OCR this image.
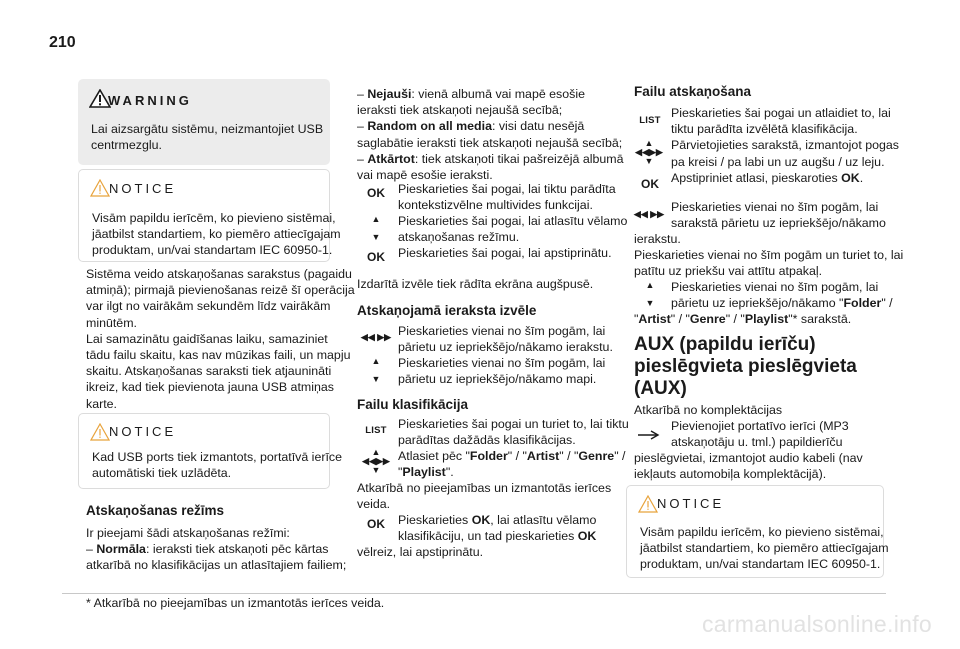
210
WARNING
Lai aizsargātu sistēmu, neizmantojiet USB
centrmezglu.
NOTICE
Visām papildu ierīcēm, ko pievieno sistēmai,
jāatbilst standartiem, ko piemēro attiecīgajam
produktam, un/vai standartam IEC 60950-1.
Sistēma veido atskaņošanas sarakstus (pagaidu
atmiņā); pirmajā pievienošanas reizē šī operācija
var ilgt no vairākām sekundēm līdz vairākām
minūtēm.
Lai samazinātu gaidīšanas laiku, samaziniet
tādu failu skaitu, kas nav mūzikas faili, un mapju
skaitu. Atskaņošanas saraksti tiek atjaunināti
ikreiz, kad tiek pievienota jauna USB atmiņas
karte.
NOTICE
Kad USB ports tiek izmantots, portatīvā ierīce
automātiski tiek uzlādēta.
Atskaņošanas režīms
Ir pieejami šādi atskaņošanas režīmi:
– Normāla: ieraksti tiek atskaņoti pēc kārtas
atkarībā no klasifikācijas un atlasītajiem failiem;
– Nejauši: vienā albumā vai mapē esošie
ieraksti tiek atskaņoti nejaušā secībā;
– Random on all media: visi datu nesējā
saglabātie ieraksti tiek atskaņoti nejaušā secībā;
– Atkārtot: tiek atskaņoti tikai pašreizējā albumā
vai mapē esošie ieraksti.
OK	Pieskarieties šai pogai, lai tiktu parādīta
kontekstizvēlne multivides funkcijai.
▲

▼
Pieskarieties šai pogai, lai atlasītu vēlamo
atskaņošanas režīmu.
OK	Pieskarieties šai pogai, lai apstiprinātu.
Izdarītā izvēle tiek rādīta ekrāna augšpusē.
Atskaņojamā ieraksta izvēle
◀◀ ▶▶ Pieskarieties vienai no šīm pogām, lai
pārietu uz iepriekšējo/nākamo ierakstu.
▲

▼
Pieskarieties vienai no šīm pogām, lai
pārietu uz iepriekšējo/nākamo mapi.
Failu klasifikācija
LIST Pieskarieties šai pogai un turiet to, lai tiktu
parādītas dažādās klasifikācijas.
▲
◀◀▶▶
▼
Atlasiet pēc "Folder" / "Artist" / "Genre" /
"Playlist".
Atkarībā no pieejamības un izmantotās ierīces
veida.
OK	Pieskarieties OK, lai atlasītu vēlamo
klasifikāciju, un tad pieskarieties OK
vēlreiz, lai apstiprinātu.
Failu atskaņošana
LIST
Pieskarieties šai pogai un atlaidiet to, lai
tiktu parādīta izvēlētā klasifikācija.
Pārvietojieties sarakstā, izmantojot pogas
pa kreisi / pa labi un uz augšu / uz leju.
Apstipriniet atlasi, pieskaroties OK.
▲
◀◀▶▶
▼
OK
◀◀ ▶▶ Pieskarieties vienai no šīm pogām, lai
sarakstā pārietu uz iepriekšējo/nākamo
ierakstu.
Pieskarieties vienai no šīm pogām un turiet to, lai
patītu uz priekšu vai attītu atpakaļ.
▲

▼
Pieskarieties vienai no šīm pogām, lai
pārietu uz iepriekšējo/nākamo "Folder" /
"Artist" / "Genre" / "Playlist"* sarakstā.
AUX (papildu ierīču)
pieslēgvieta pieslēgvieta
(AUX)
Atkarībā no komplektācijas
Pievienojiet portatīvo ierīci (MP3
atskaņotāju u. tml.) papildierīču
pieslēgvietai, izmantojot audio kabeli (nav
iekļauts automobiļa komplektācijā).
NOTICE
Visām papildu ierīcēm, ko pievieno sistēmai,
jāatbilst standartiem, ko piemēro attiecīgajam
produktam, un/vai standartam IEC 60950-1.
* Atkarībā no pieejamības un izmantotās ierīces veida.
carmanualsonline.info
